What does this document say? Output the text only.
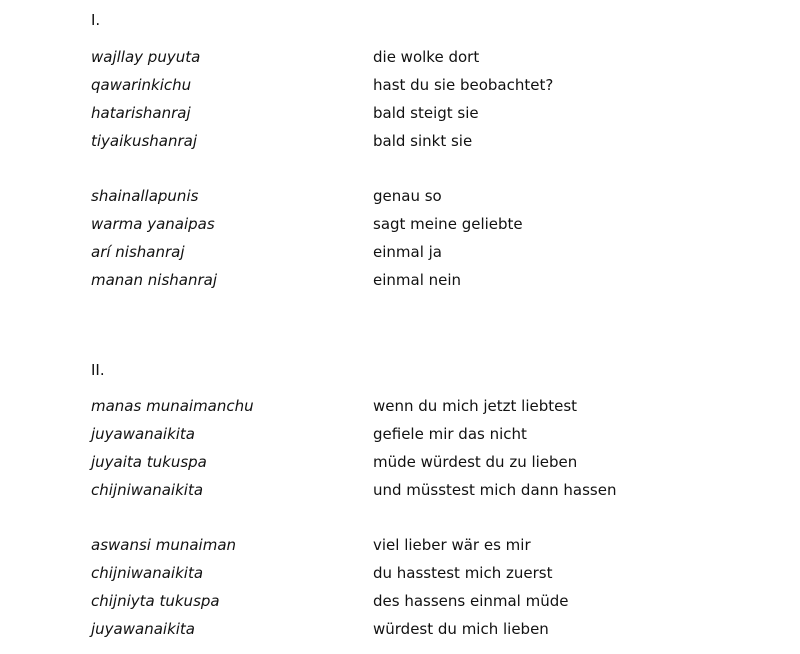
I.
wajllay puyuta	die wolke dort
qawarinkichu	hast du sie beobachtet?
hatarishanraj	bald steigt sie
tiyaikushanraj	bald sinkt sie
shainallapunis	genau so
warma yanaipas	sagt meine geliebte
arí nishanraj	einmal ja
manan nishanraj	einmal nein
II.
manas munaimanchu	wenn du mich jetzt liebtest
juyawanaikita	gefiele mir das nicht
juyaita tukuspa	müde würdest du zu lieben
chijniwanaikita	und müsstest mich dann hassen
aswansi munaiman	viel lieber wär es mir
chijniwanaikita	du hasstest mich zuerst
chijniyta tukuspa	des hassens einmal müde
juyawanaikita	würdest du mich lieben
